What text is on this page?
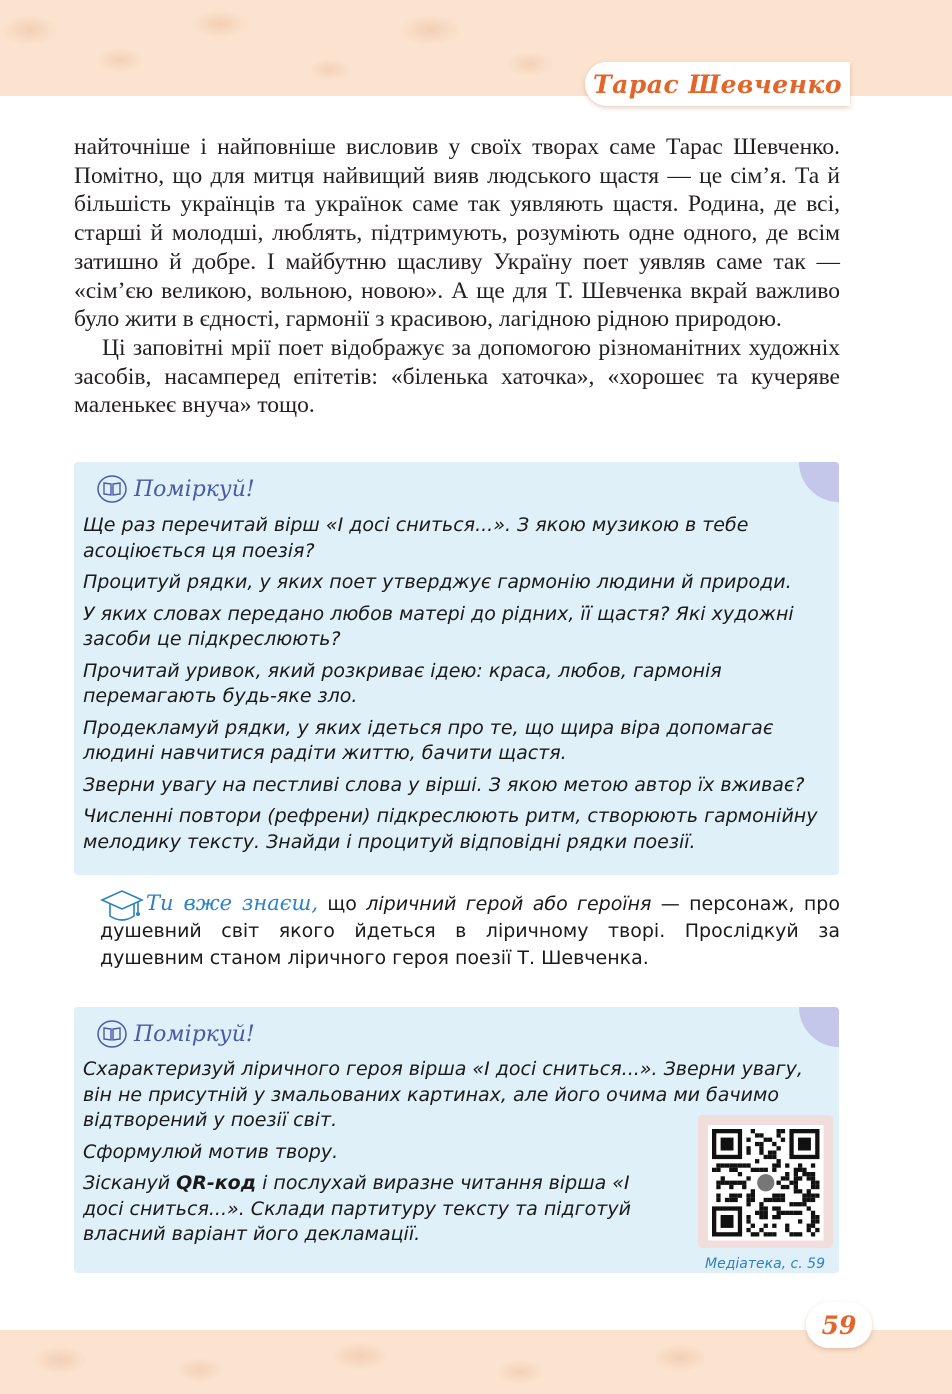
Тарас Шевченко

найточніше і найповніше висловив у своїх творах саме Тарас Шевченко. Помітно, що для митця найвищий вияв людського щастя — це сім’я. Та й більшість українців та українок саме так уявляють щастя. Родина, де всі, старші й молодші, люблять, підтримують, розуміють одне одного, де всім затишно й добре. І майбутню щасливу Україну поет уявляв саме так — «сім’єю великою, вольною, новою». А ще для Т. Шевченка вкрай важливо було жити в єдності, гармонії з красивою, лагідною рідною природою.

Ці заповітні мрії поет відображує за допомогою різноманітних художніх засобів, насамперед епітетів: «біленька хаточка», «хорошеє та кучеряве маленькеє внуча» тощо.

Поміркуй!
Ще раз перечитай вірш «І досі сниться...». З якою музикою в тебе асоціюється ця поезія?
Процитуй рядки, у яких поет утверджує гармонію людини й природи.
У яких словах передано любов матері до рідних, її щастя? Які художні засоби це підкреслюють?
Прочитай уривок, який розкриває ідею: краса, любов, гармонія перемагають будь-яке зло.
Продекламуй рядки, у яких ідеться про те, що щира віра допомагає людині навчитися радіти життю, бачити щастя.
Зверни увагу на пестливі слова у вірші. З якою метою автор їх вживає?
Численні повтори (рефрени) підкреслюють ритм, створюють гармонійну мелодику тексту. Знайди і процитуй відповідні рядки поезії.
Ти вже знаєш, що ліричний герой або героїня — персонаж, про душевний світ якого йдеться в ліричному творі. Прослідкуй за душевним станом ліричного героя поезії Т. Шевченка.
Поміркуй!
Схарактеризуй ліричного героя вірша «І досі сниться...». Зверни увагу, він не присутній у змальованих картинах, але його очима ми бачимо відтворений у поезії світ.
Сформулюй мотив твору.
Зіскануй QR-код і послухай виразне читання вірша «І досі сниться...». Склади партитуру тексту та підготуй власний варіант його декламації.
Медіатека, с. 59
59
